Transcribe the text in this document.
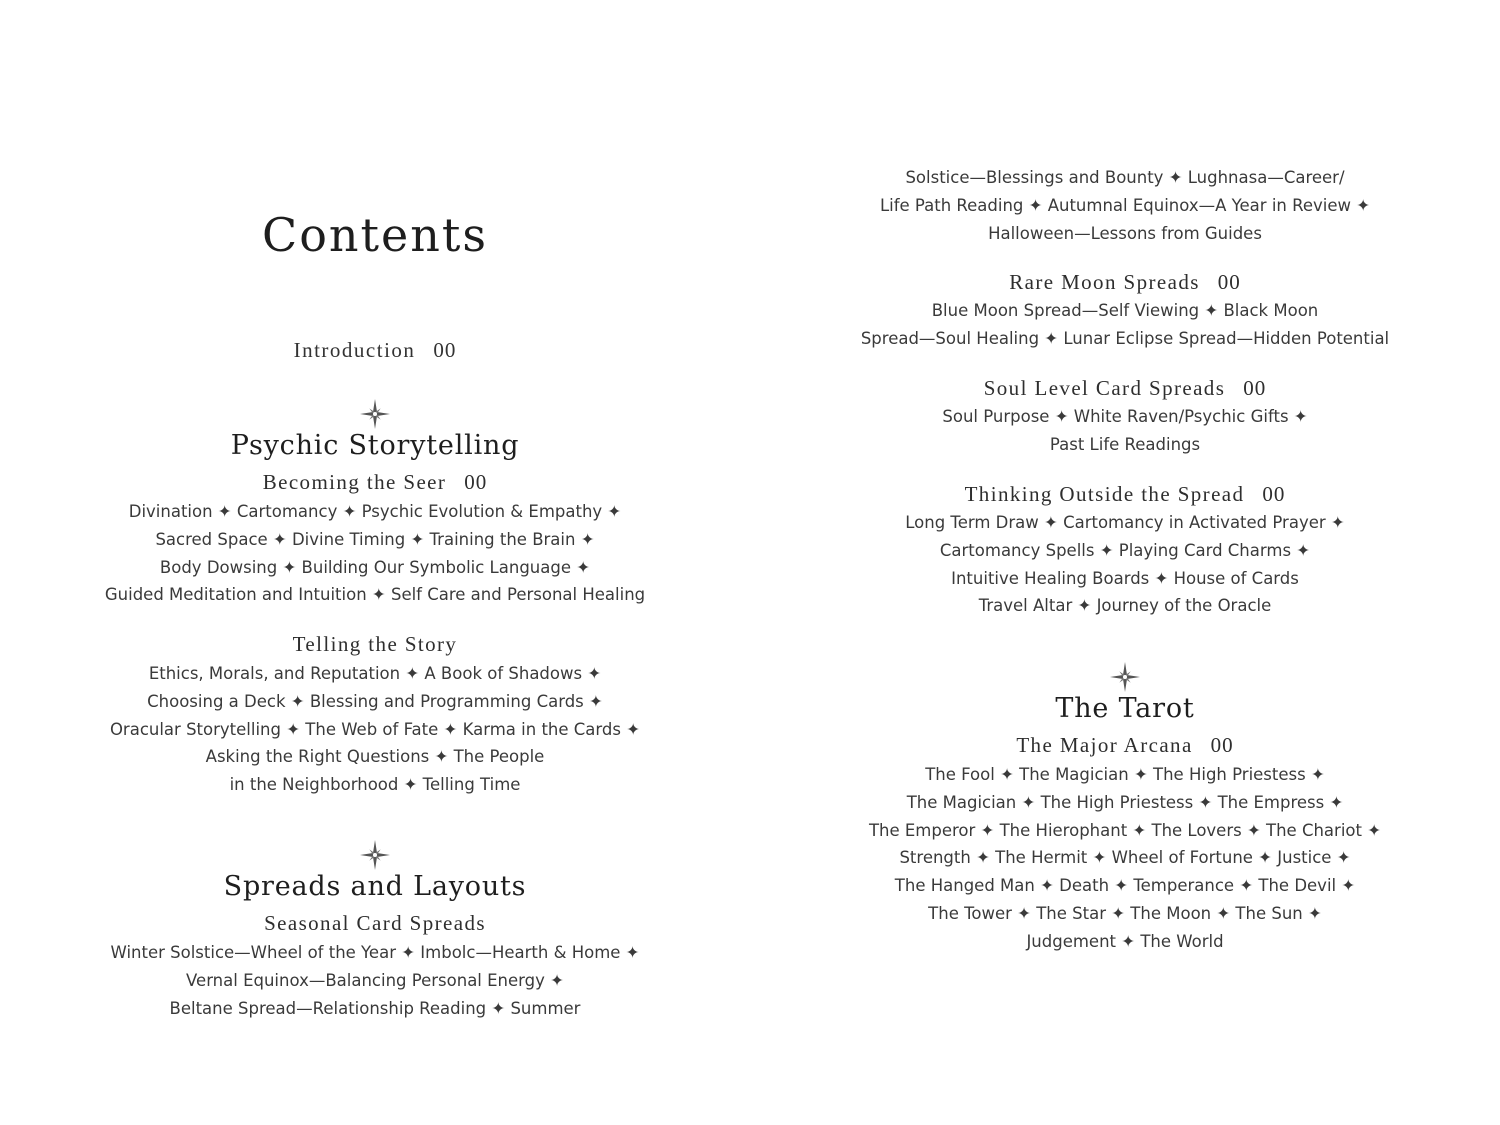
Contents
Introduction 00
Psychic Storytelling
Becoming the Seer 00
Divination ✦ Cartomancy ✦ Psychic Evolution & Empathy ✦
Sacred Space ✦ Divine Timing ✦ Training the Brain ✦
Body Dowsing ✦ Building Our Symbolic Language ✦
Guided Meditation and Intuition ✦ Self Care and Personal Healing
Telling the Story
Ethics, Morals, and Reputation ✦ A Book of Shadows ✦
Choosing a Deck ✦ Blessing and Programming Cards ✦
Oracular Storytelling ✦ The Web of Fate ✦ Karma in the Cards ✦
Asking the Right Questions ✦ The People
in the Neighborhood ✦ Telling Time
Spreads and Layouts
Seasonal Card Spreads
Winter Solstice—Wheel of the Year ✦ Imbolc—Hearth & Home ✦
Vernal Equinox—Balancing Personal Energy ✦
Beltane Spread—Relationship Reading ✦ Summer
Solstice—Blessings and Bounty ✦ Lughnasa—Career/
Life Path Reading ✦ Autumnal Equinox—A Year in Review ✦
Halloween—Lessons from Guides
Rare Moon Spreads 00
Blue Moon Spread—Self Viewing ✦ Black Moon
Spread—Soul Healing ✦ Lunar Eclipse Spread—Hidden Potential
Soul Level Card Spreads 00
Soul Purpose ✦ White Raven/Psychic Gifts ✦
Past Life Readings
Thinking Outside the Spread 00
Long Term Draw ✦ Cartomancy in Activated Prayer ✦
Cartomancy Spells ✦ Playing Card Charms ✦
Intuitive Healing Boards ✦ House of Cards
Travel Altar ✦ Journey of the Oracle
The Tarot
The Major Arcana 00
The Fool ✦ The Magician ✦ The High Priestess ✦
The Magician ✦ The High Priestess ✦ The Empress ✦
The Emperor ✦ The Hierophant ✦ The Lovers ✦ The Chariot ✦
Strength ✦ The Hermit ✦ Wheel of Fortune ✦ Justice ✦
The Hanged Man ✦ Death ✦ Temperance ✦ The Devil ✦
The Tower ✦ The Star ✦ The Moon ✦ The Sun ✦
Judgement ✦ The World
